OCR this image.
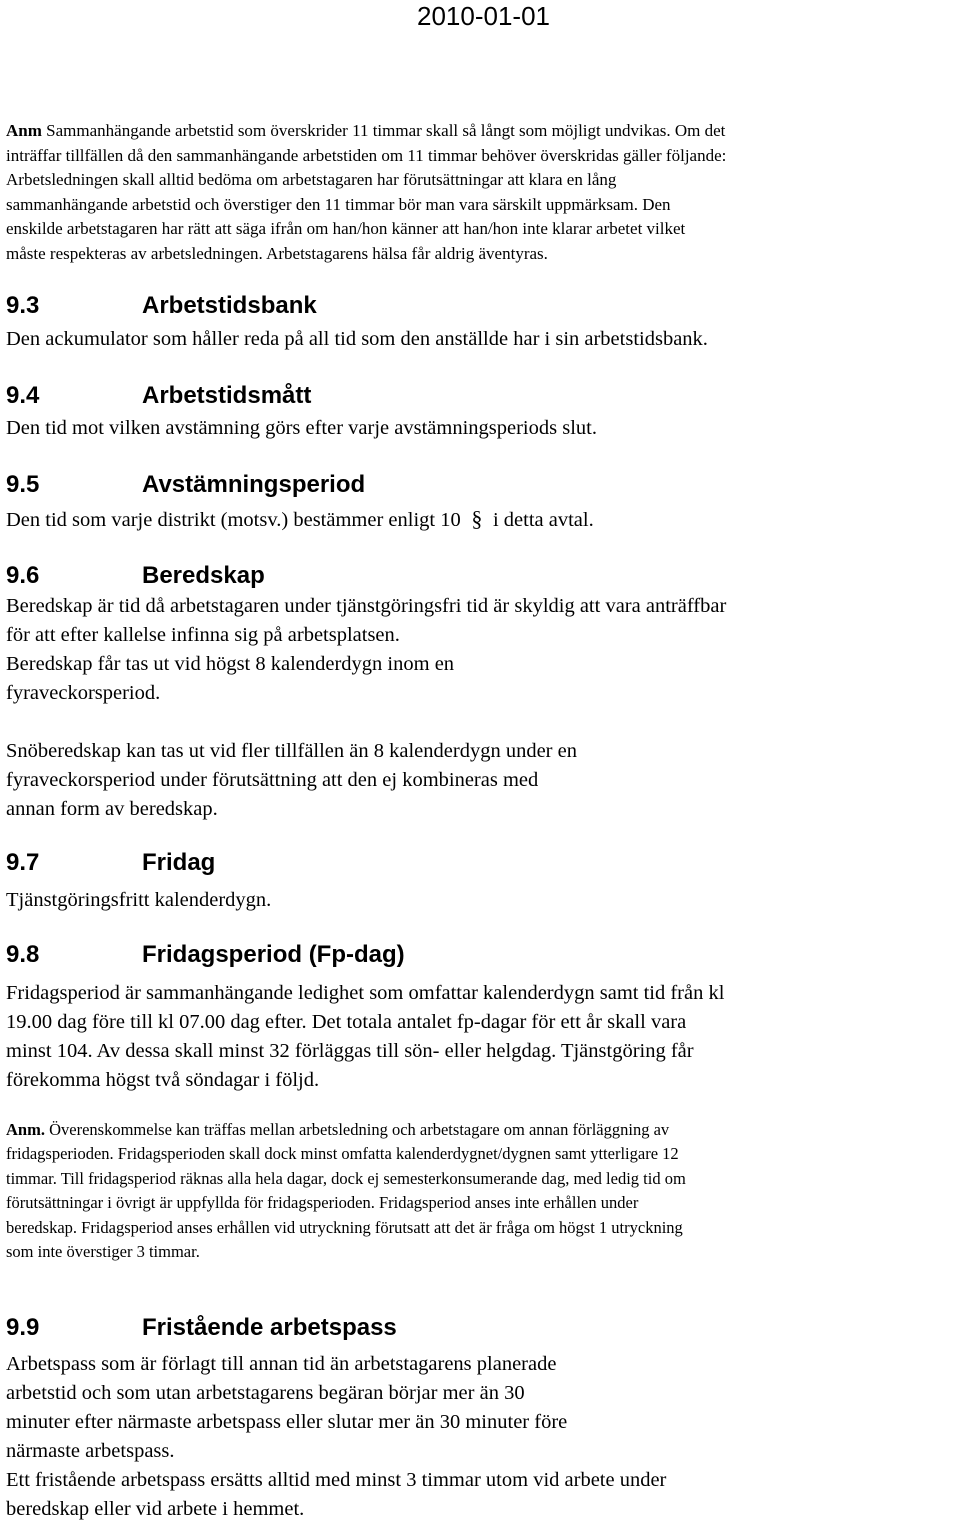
2010-01-01
Anm Sammanhängande arbetstid som överskrider 11 timmar skall så långt som möjligt undvikas. Om det
inträffar tillfällen då den sammanhängande arbetstiden om 11 timmar behöver överskridas gäller följande:
Arbetsledningen skall alltid bedöma om arbetstagaren har förutsättningar att klara en lång
sammanhängande arbetstid och överstiger den 11 timmar bör man vara särskilt uppmärksam. Den
enskilde arbetstagaren har rätt att säga ifrån om han/hon känner att han/hon inte klarar arbetet vilket
måste respekteras av arbetsledningen. Arbetstagarens hälsa får aldrig äventyras.
9.3	Arbetstidsbank
Den ackumulator som håller reda på all tid som den anställde har i sin arbetstidsbank.
9.4	Arbetstidsmått
Den tid mot vilken avstämning görs efter varje avstämningsperiods slut.
9.5	Avstämningsperiod
Den tid som varje distrikt (motsv.) bestämmer enligt 10 § i detta avtal.
9.6	Beredskap
Beredskap är tid då arbetstagaren under tjänstgöringsfri tid är skyldig att vara anträffbar
för att efter kallelse infinna sig på arbetsplatsen.
Beredskap får tas ut vid högst 8 kalenderdygn inom en
fyraveckorsperiod.
Snöberedskap kan tas ut vid fler tillfällen än 8 kalenderdygn under en
fyraveckorsperiod under förutsättning att den ej kombineras med
annan form av beredskap.
9.7	Fridag
Tjänstgöringsfritt kalenderdygn.
9.8	Fridagsperiod (Fp-dag)
Fridagsperiod är sammanhängande ledighet som omfattar kalenderdygn samt tid från kl
19.00 dag före till kl 07.00 dag efter. Det totala antalet fp-dagar för ett år skall vara
minst 104. Av dessa skall minst 32 förläggas till sön- eller helgdag. Tjänstgöring får
förekomma högst två söndagar i följd.
Anm. Överenskommelse kan träffas mellan arbetsledning och arbetstagare om annan förläggning av
fridagsperioden. Fridagsperioden skall dock minst omfatta kalenderdygnet/dygnen samt ytterligare 12
timmar. Till fridagsperiod räknas alla hela dagar, dock ej semesterkonsumerande dag, med ledig tid om
förutsättningar i övrigt är uppfyllda för fridagsperioden. Fridagsperiod anses inte erhållen under
beredskap. Fridagsperiod anses erhållen vid utryckning förutsatt att det är fråga om högst 1 utryckning
som inte överstiger 3 timmar.
9.9	Fristående arbetspass
Arbetspass som är förlagt till annan tid än arbetstagarens planerade
arbetstid och som utan arbetstagarens begäran börjar mer än 30
minuter efter närmaste arbetspass eller slutar mer än 30 minuter före
närmaste arbetspass.
Ett fristående arbetspass ersätts alltid med minst 3 timmar utom vid arbete under
beredskap eller vid arbete i hemmet.
